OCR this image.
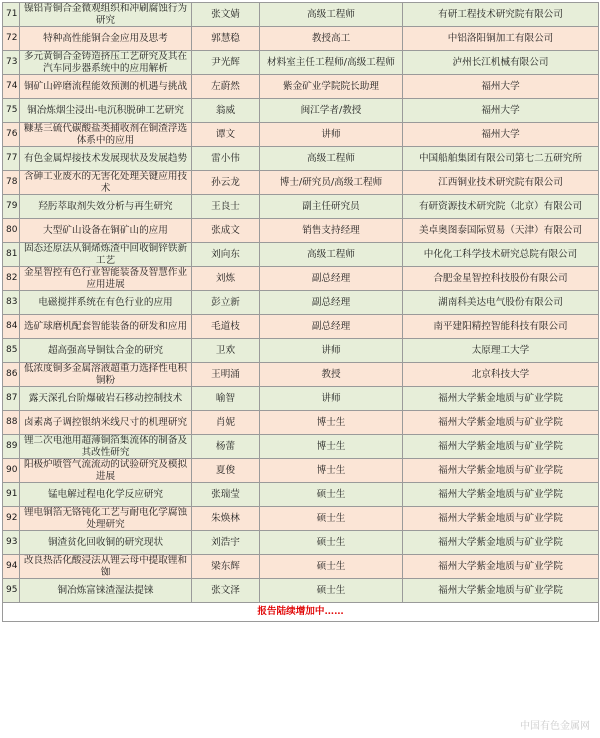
71	镍铝青铜合金微观组织和冲刷腐蚀行为研究	张文婧	高级工程师	有研工程技术研究院有限公司
72	特种高性能铜合金应用及思考	郭慧稳	教授高工	中铝洛阳铜加工有限公司
73	多元黄铜合金铸造挤压工艺研究及其在汽车同步器系统中的应用解析	尹光辉	材料室主任工程师/高级工程师	泸州长江机械有限公司
74	铜矿山碎磨流程能效预测的机遇与挑战	左蔚然	紫金矿业学院院长助理	福州大学
75	铜冶炼烟尘浸出-电沉积脱砷工艺研究	翁威	闽江学者/教授	福州大学
76	糠基三硫代碳酸盐类捕收剂在铜渣浮选体系中的应用	谭文	讲师	福州大学
77	有色金属焊接技术发展现状及发展趋势	雷小伟	高级工程师	中国船舶集团有限公司第七二五研究所
78	含砷工业废水的无害化处理关键应用技术	孙云龙	博士/研究员/高级工程师	江西铜业技术研究院有限公司
79	羟肟萃取剂失效分析与再生研究	王良士	副主任研究员	有研资源技术研究院（北京）有限公司
80	大型矿山设备在铜矿山的应用	张成文	销售支持经理	美卓奥图泰国际贸易（天津）有限公司
81	固态还原法从铜烯炼渣中回收铜锌铁新工艺	刘向东	高级工程师	中化化工科学技术研究总院有限公司
82	金星智控有色行业智能装备及智慧作业应用进展	刘炼	副总经理	合肥金星智控科技股份有限公司
83	电磁搅拌系统在有色行业的应用	彭立新	副总经理	湖南科美达电气股份有限公司
84	选矿球磨机配套智能装备的研发和应用	毛道枝	副总经理	南平建阳精控智能科技有限公司
85	超高强高导铜钛合金的研究	卫欢	讲师	太原理工大学
86	低浓度铜多金属溶液超重力选择性电积铜粉	王明涌	教授	北京科技大学
87	露天深孔台阶爆破岩石移动控制技术	喻智	讲师	福州大学紫金地质与矿业学院
88	卤素离子调控银纳米线尺寸的机理研究	肖妮	博士生	福州大学紫金地质与矿业学院
89	锂二次电池用超薄铜箔集流体的制备及其改性研究	杨蕾	博士生	福州大学紫金地质与矿业学院
90	阳极炉喷管气流流动的试验研究及模拟进展	夏俊	博士生	福州大学紫金地质与矿业学院
91	锰电解过程电化学反应研究	张瑞莹	硕士生	福州大学紫金地质与矿业学院
92	锂电铜箔无铬钝化工艺与耐电化学腐蚀处理研究	朱焕林	硕士生	福州大学紫金地质与矿业学院
93	铜渣贫化回收铜的研究现状	刘浩宇	硕士生	福州大学紫金地质与矿业学院
94	改良热活化酸浸法从锂云母中提取锂和铷	梁东辉	硕士生	福州大学紫金地质与矿业学院
95	铜冶炼富铼渣湿法提铼	张文泽	硕士生	福州大学紫金地质与矿业学院
报告陆续增加中……				
中国有色金属网
